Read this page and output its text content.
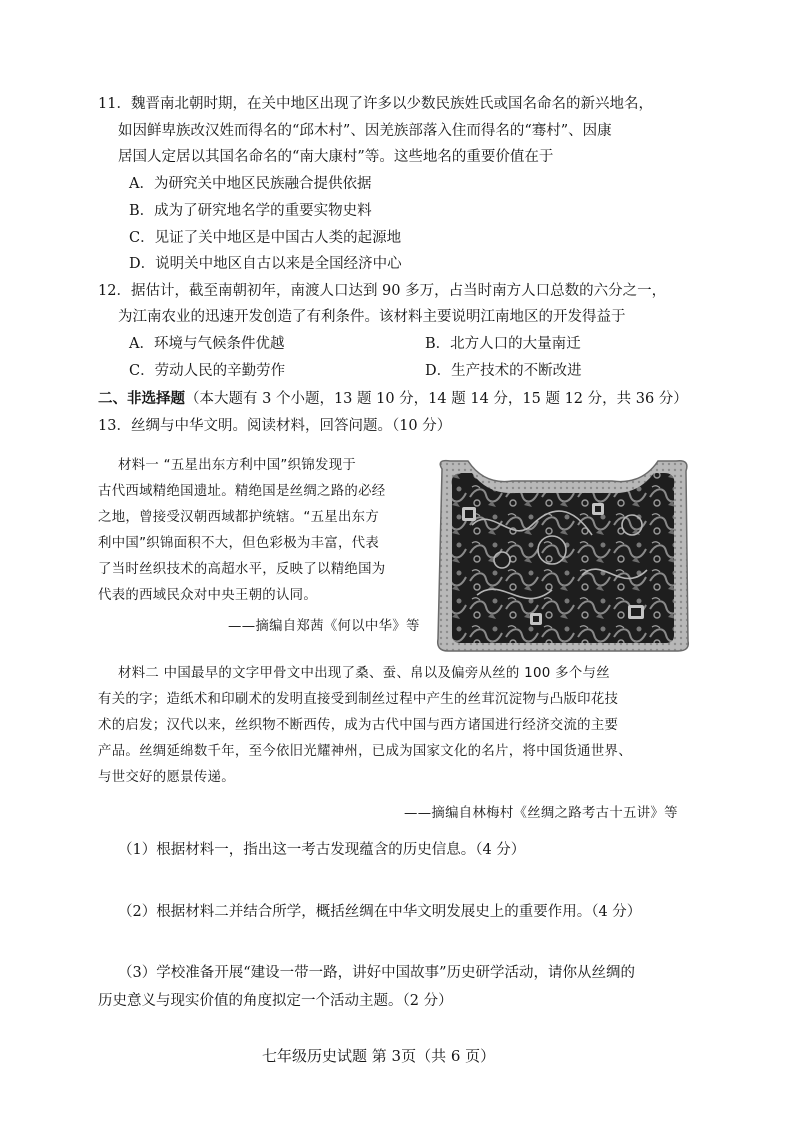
11．魏晋南北朝时期，在关中地区出现了许多以少数民族姓氏或国名命名的新兴地名，
如因鲜卑族改汉姓而得名的“邱木村”、因羌族部落入住而得名的“骞村”、因康
居国人定居以其国名命名的“南大康村”等。这些地名的重要价值在于
A．为研究关中地区民族融合提供依据
B．成为了研究地名学的重要实物史料
C．见证了关中地区是中国古人类的起源地
D．说明关中地区自古以来是全国经济中心
12．据估计，截至南朝初年，南渡人口达到 90 多万，占当时南方人口总数的六分之一，
为江南农业的迅速开发创造了有利条件。该材料主要说明江南地区的开发得益于
A．环境与气候条件优越	B．北方人口的大量南迁
C．劳动人民的辛勤劳作	D．生产技术的不断改进
二、非选择题（本大题有 3 个小题，13 题 10 分，14 题 14 分，15 题 12 分，共 36 分）
13．丝绸与中华文明。阅读材料，回答问题。（10 分）
材料一 “五星出东方利中国”织锦发现于
古代西域精绝国遗址。精绝国是丝绸之路的必经
之地，曾接受汉朝西域都护统辖。“五星出东方
利中国”织锦面积不大，但色彩极为丰富，代表
了当时丝织技术的高超水平，反映了以精绝国为
代表的西域民众对中央王朝的认同。
——摘编自郑茜《何以中华》等
材料二 中国最早的文字甲骨文中出现了桑、蚕、帛以及偏旁从丝的 100 多个与丝
有关的字；造纸术和印刷术的发明直接受到制丝过程中产生的丝茸沉淀物与凸版印花技
术的启发；汉代以来，丝织物不断西传，成为古代中国与西方诸国进行经济交流的主要
产品。丝绸延绵数千年，至今依旧光耀神州，已成为国家文化的名片，将中国货通世界、
与世交好的愿景传递。
——摘编自林梅村《丝绸之路考古十五讲》等
（1）根据材料一，指出这一考古发现蕴含的历史信息。（4 分）
（2）根据材料二并结合所学，概括丝绸在中华文明发展史上的重要作用。（4 分）
（3）学校准备开展“建设一带一路，讲好中国故事”历史研学活动，请你从丝绸的
历史意义与现实价值的角度拟定一个活动主题。（2 分）
七年级历史试题 第 3页（共 6 页）
